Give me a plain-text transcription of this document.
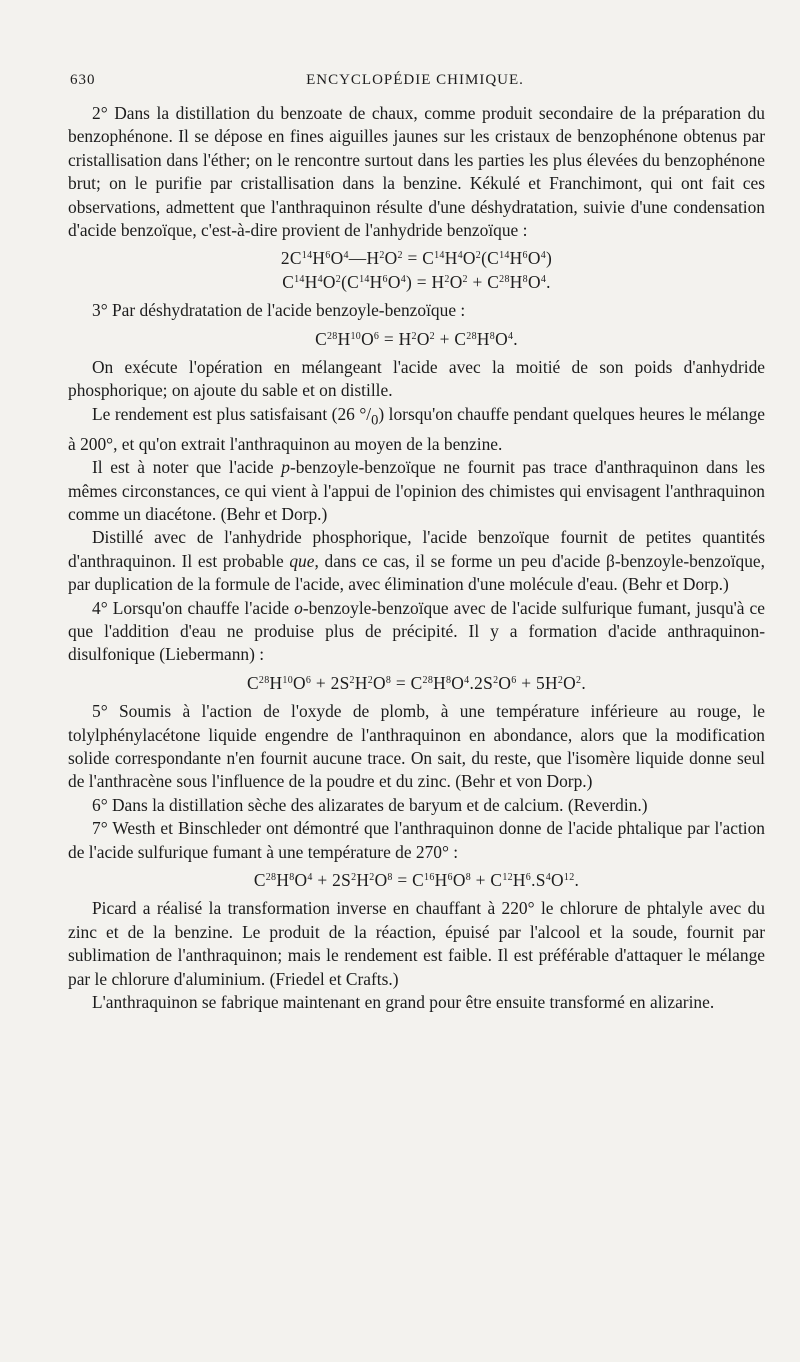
630	ENCYCLOPÉDIE CHIMIQUE.

2° Dans la distillation du benzoate de chaux, comme produit secondaire de la préparation du benzophénone. Il se dépose en fines aiguilles jaunes sur les cristaux de benzophénone obtenus par cristallisation dans l'éther; on le rencontre surtout dans les parties les plus élevées du benzophénone brut; on le purifie par cristallisation dans la benzine. Kékulé et Franchimont, qui ont fait ces observations, admettent que l'anthraquinon résulte d'une déshydratation, suivie d'une condensation d'acide benzoïque, c'est-à-dire provient de l'anhydride benzoïque :

$2C^{14}H^6O^4—H^2O^2 = C^{14}H^4O^2(C^{14}H^6O^4)$
$C^{14}H^4O^2(C^{14}H^6O^4) = H^2O^2 + C^{28}H^8O^4$.

3° Par déshydratation de l'acide benzoyle-benzoïque :

$C^{28}H^{10}O^6 = H^2O^2 + C^{28}H^8O^4$.

On exécute l'opération en mélangeant l'acide avec la moitié de son poids d'anhydride phosphorique; on ajoute du sable et on distille.

Le rendement est plus satisfaisant (26 $^\circ/_0$) lorsqu'on chauffe pendant quelques heures le mélange à 200°, et qu'on extrait l'anthraquinon au moyen de la benzine.

Il est à noter que l'acide p-benzoyle-benzoïque ne fournit pas trace d'anthraquinon dans les mêmes circonstances, ce qui vient à l'appui de l'opinion des chimistes qui envisagent l'anthraquinon comme un diacétone. (Behr et Dorp.)

Distillé avec de l'anhydride phosphorique, l'acide benzoïque fournit de petites quantités d'anthraquinon. Il est probable que, dans ce cas, il se forme un peu d'acide β-benzoyle-benzoïque, par duplication de la formule de l'acide, avec élimination d'une molécule d'eau. (Behr et Dorp.)

4° Lorsqu'on chauffe l'acide o-benzoyle-benzoïque avec de l'acide sulfurique fumant, jusqu'à ce que l'addition d'eau ne produise plus de précipité. Il y a formation d'acide anthraquinon-disulfonique (Liebermann) :

$C^{28}H^{10}O^6 + 2S^2H^2O^8 = C^{28}H^8O^4.2S^2O^6 + 5H^2O^2$.

5° Soumis à l'action de l'oxyde de plomb, à une température inférieure au rouge, le tolylphénylacétone liquide engendre de l'anthraquinon en abondance, alors que la modification solide correspondante n'en fournit aucune trace. On sait, du reste, que l'isomère liquide donne seul de l'anthracène sous l'influence de la poudre et du zinc. (Behr et von Dorp.)

6° Dans la distillation sèche des alizarates de baryum et de calcium. (Reverdin.)

7° Westh et Binschleder ont démontré que l'anthraquinon donne de l'acide phtalique par l'action de l'acide sulfurique fumant à une température de 270° :

$C^{28}H^8O^4 + 2S^2H^2O^8 = C^{16}H^6O^8 + C^{12}H^6.S^4O^{12}$.

Picard a réalisé la transformation inverse en chauffant à 220° le chlorure de phtalyle avec du zinc et de la benzine. Le produit de la réaction, épuisé par l'alcool et la soude, fournit par sublimation de l'anthraquinon; mais le rendement est faible. Il est préférable d'attaquer le mélange par le chlorure d'aluminium. (Friedel et Crafts.)

L'anthraquinon se fabrique maintenant en grand pour être ensuite transformé en alizarine.
